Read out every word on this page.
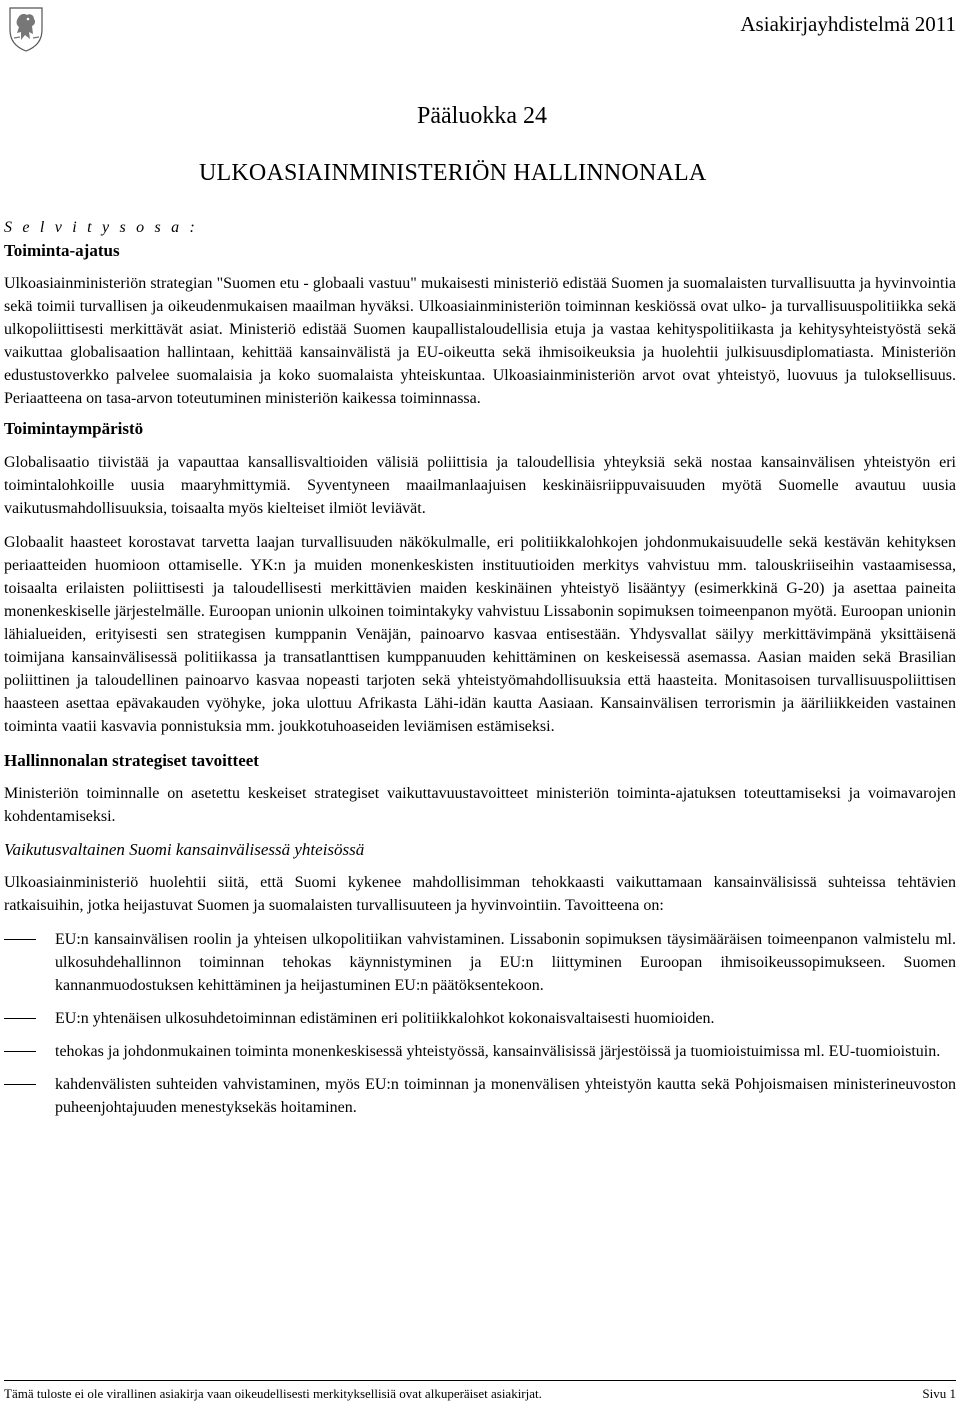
Asiakirjayhdistelmä 2011
Pääluokka 24
ULKOASIAINMINISTERIÖN HALLINNONALA

S e l v i t y s o s a :

Toiminta-ajatus

Ulkoasiainministeriön strategian "Suomen etu - globaali vastuu" mukaisesti ministeriö edistää Suomen ja suomalaisten turvallisuutta ja hyvinvointia sekä toimii turvallisen ja oikeudenmukaisen maailman hyväksi. Ulkoasiainministeriön toiminnan keskiössä ovat ulko- ja turvallisuuspolitiikka sekä ulkopoliittisesti merkittävät asiat. Ministeriö edistää Suomen kaupallistaloudellisia etuja ja vastaa kehityspolitiikasta ja kehitysyhteistyöstä sekä vaikuttaa globalisaation hallintaan, kehittää kansainvälistä ja EU-oikeutta sekä ihmisoikeuksia ja huolehtii julkisuusdiplomatiasta. Ministeriön edustustoverkko palvelee suomalaisia ja koko suomalaista yhteiskuntaa. Ulkoasiainministeriön arvot ovat yhteistyö, luovuus ja tuloksellisuus. Periaatteena on tasa-arvon toteutuminen ministeriön kaikessa toiminnassa.

Toimintaympäristö

Globalisaatio tiivistää ja vapauttaa kansallisvaltioiden välisiä poliittisia ja taloudellisia yhteyksiä sekä nostaa kansainvälisen yhteistyön eri toimintalohkoille uusia maaryhmittymiä. Syventyneen maailmanlaajuisen keskinäisriippuvaisuuden myötä Suomelle avautuu uusia vaikutusmahdollisuuksia, toisaalta myös kielteiset ilmiöt leviävät.

Globaalit haasteet korostavat tarvetta laajan turvallisuuden näkökulmalle, eri politiikkalohkojen johdonmukaisuudelle sekä kestävän kehityksen periaatteiden huomioon ottamiselle. YK:n ja muiden monenkeskisten instituutioiden merkitys vahvistuu mm. talouskriiseihin vastaamisessa, toisaalta erilaisten poliittisesti ja taloudellisesti merkittävien maiden keskinäinen yhteistyö lisääntyy (esimerkkinä G-20) ja asettaa paineita monenkeskiselle järjestelmälle. Euroopan unionin ulkoinen toimintakyky vahvistuu Lissabonin sopimuksen toimeenpanon myötä. Euroopan unionin lähialueiden, erityisesti sen strategisen kumppanin Venäjän, painoarvo kasvaa entisestään. Yhdysvallat säilyy merkittävimpänä yksittäisenä toimijana kansainvälisessä politiikassa ja transatlanttisen kumppanuuden kehittäminen on keskeisessä asemassa. Aasian maiden sekä Brasilian poliittinen ja taloudellinen painoarvo kasvaa nopeasti tarjoten sekä yhteistyömahdollisuuksia että haasteita. Monitasoisen turvallisuuspoliittisen haasteen asettaa epävakauden vyöhyke, joka ulottuu Afrikasta Lähi-idän kautta Aasiaan. Kansainvälisen terrorismin ja ääriliikkeiden vastainen toiminta vaatii kasvavia ponnistuksia mm. joukkotuhoaseiden leviämisen estämiseksi.

Hallinnonalan strategiset tavoitteet

Ministeriön toiminnalle on asetettu keskeiset strategiset vaikuttavuustavoitteet ministeriön toiminta-ajatuksen toteuttamiseksi ja voimavarojen kohdentamiseksi.

Vaikutusvaltainen Suomi kansainvälisessä yhteisössä

Ulkoasiainministeriö huolehtii siitä, että Suomi kykenee mahdollisimman tehokkaasti vaikuttamaan kansainvälisissä suhteissa tehtävien ratkaisuihin, jotka heijastuvat Suomen ja suomalaisten turvallisuuteen ja hyvinvointiin. Tavoitteena on:

EU:n kansainvälisen roolin ja yhteisen ulkopolitiikan vahvistaminen. Lissabonin sopimuksen täysimääräisen toimeenpanon valmistelu ml. ulkosuhdehallinnon toiminnan tehokas käynnistyminen ja EU:n liittyminen Euroopan ihmisoikeussopimukseen. Suomen kannanmuodostuksen kehittäminen ja heijastuminen EU:n päätöksentekoon.
EU:n yhtenäisen ulkosuhdetoiminnan edistäminen eri politiikkalohkot kokonaisvaltaisesti huomioiden.
tehokas ja johdonmukainen toiminta monenkeskisessä yhteistyössä, kansainvälisissä järjestöissä ja tuomioistuimissa ml. EU-tuomioistuin.
kahdenvälisten suhteiden vahvistaminen, myös EU:n toiminnan ja monenvälisen yhteistyön kautta sekä Pohjoismaisen ministerineuvoston puheenjohtajuuden menestyksekäs hoitaminen.
Tämä tuloste ei ole virallinen asiakirja vaan oikeudellisesti merkityksellisiä ovat alkuperäiset asiakirjat.	Sivu 1
